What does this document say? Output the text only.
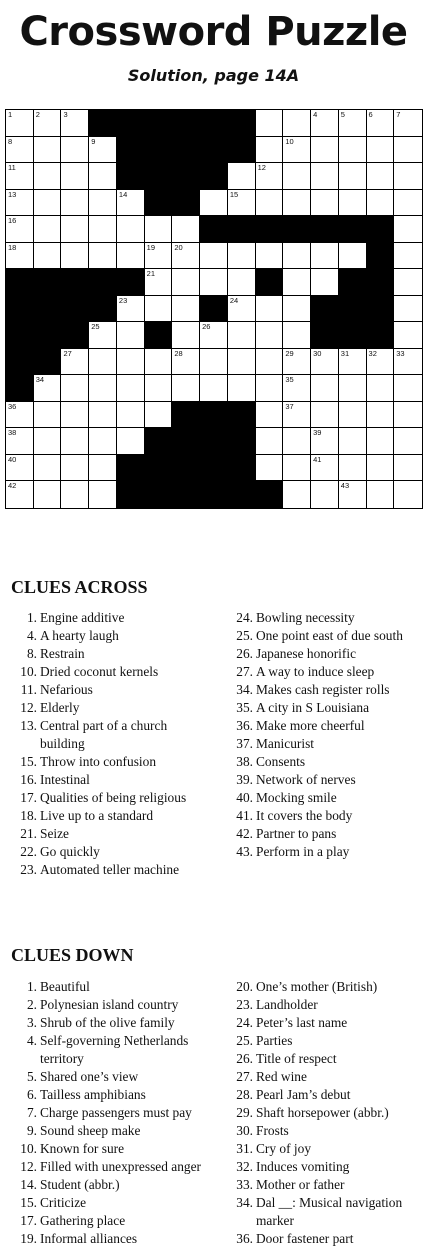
Crossword Puzzle
Solution, page 14A
1	2	3	4	5	6	7
8	9	10
11	12
13	14	15
16
18	19	20
21
23	24
25	26
27	28	29	30	31	32	33
34	35
36	37
38	39
40	41
42	43
CLUES ACROSS
1. Engine additive
4. A hearty laugh
8. Restrain
10. Dried coconut kernels
11. Nefarious
12. Elderly
13. Central part of a church building
15. Throw into confusion
16. Intestinal
17. Qualities of being religious
18. Live up to a standard
21. Seize
22. Go quickly
23. Automated teller machine
24. Bowling necessity
25. One point east of due south
26. Japanese honorific
27. A way to induce sleep
34. Makes cash register rolls
35. A city in S Louisiana
36. Make more cheerful
37. Manicurist
38. Consents
39. Network of nerves
40. Mocking smile
41. It covers the body
42. Partner to pans
43. Perform in a play
CLUES DOWN
1. Beautiful
2. Polynesian island country
3. Shrub of the olive family
4. Self-governing Netherlands territory
5. Shared one’s view
6. Tailless amphibians
7. Charge passengers must pay
9. Sound sheep make
10. Known for sure
12. Filled with unexpressed anger
14. Student (abbr.)
15. Criticize
17. Gathering place
19. Informal alliances
20. One’s mother (British)
23. Landholder
24. Peter’s last name
25. Parties
26. Title of respect
27. Red wine
28. Pearl Jam’s debut
29. Shaft horsepower (abbr.)
30. Frosts
31. Cry of joy
32. Induces vomiting
33. Mother or father
34. Dal __: Musical navigation marker
36. Door fastener part
